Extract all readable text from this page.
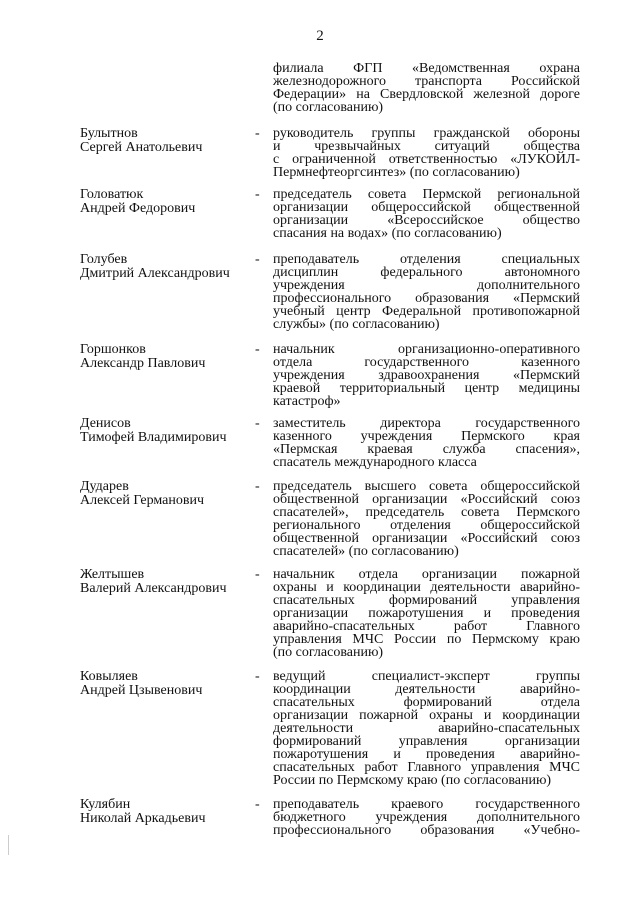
2
филиала ФГП «Ведомственная охрана
железнодорожного транспорта Российской
Федерации» на Свердловской железной дороге
(по согласованию)
Булытнов
Сергей Анатольевич
- руководитель группы гражданской обороны
и чрезвычайных ситуаций общества
с ограниченной ответственностью «ЛУКОЙЛ-
Пермнефтеоргсинтез» (по согласованию)
Головатюк
Андрей Федорович
- председатель совета Пермской региональной
организации общероссийской общественной
организации «Всероссийское общество
спасания на водах» (по согласованию)
Голубев
Дмитрий Александрович
- преподаватель отделения специальных
дисциплин федерального автономного
учреждения дополнительного
профессионального образования «Пермский
учебный центр Федеральной противопожарной
службы» (по согласованию)
Горшонков
Александр Павлович
- начальник организационно-оперативного
отдела государственного казенного
учреждения здравоохранения «Пермский
краевой территориальный центр медицины
катастроф»
Денисов
Тимофей Владимирович
- заместитель директора государственного
казенного учреждения Пермского края
«Пермская краевая служба спасения»,
спасатель международного класса
Дударев
Алексей Германович
- председатель высшего совета общероссийской
общественной организации «Российский союз
спасателей», председатель совета Пермского
регионального отделения общероссийской
общественной организации «Российский союз
спасателей» (по согласованию)
Желтышев
Валерий Александрович
- начальник отдела организации пожарной
охраны и координации деятельности аварийно-
спасательных формирований управления
организации пожаротушения и проведения
аварийно-спасательных работ Главного
управления МЧС России по Пермскому краю
(по согласованию)
Ковыляев
Андрей Цзывенович
- ведущий специалист-эксперт группы
координации деятельности аварийно-
спасательных формирований отдела
организации пожарной охраны и координации
деятельности аварийно-спасательных
формирований управления организации
пожаротушения и проведения аварийно-
спасательных работ Главного управления МЧС
России по Пермскому краю (по согласованию)
Кулябин
Николай Аркадьевич
- преподаватель краевого государственного
бюджетного учреждения дополнительного
профессионального образования «Учебно-
